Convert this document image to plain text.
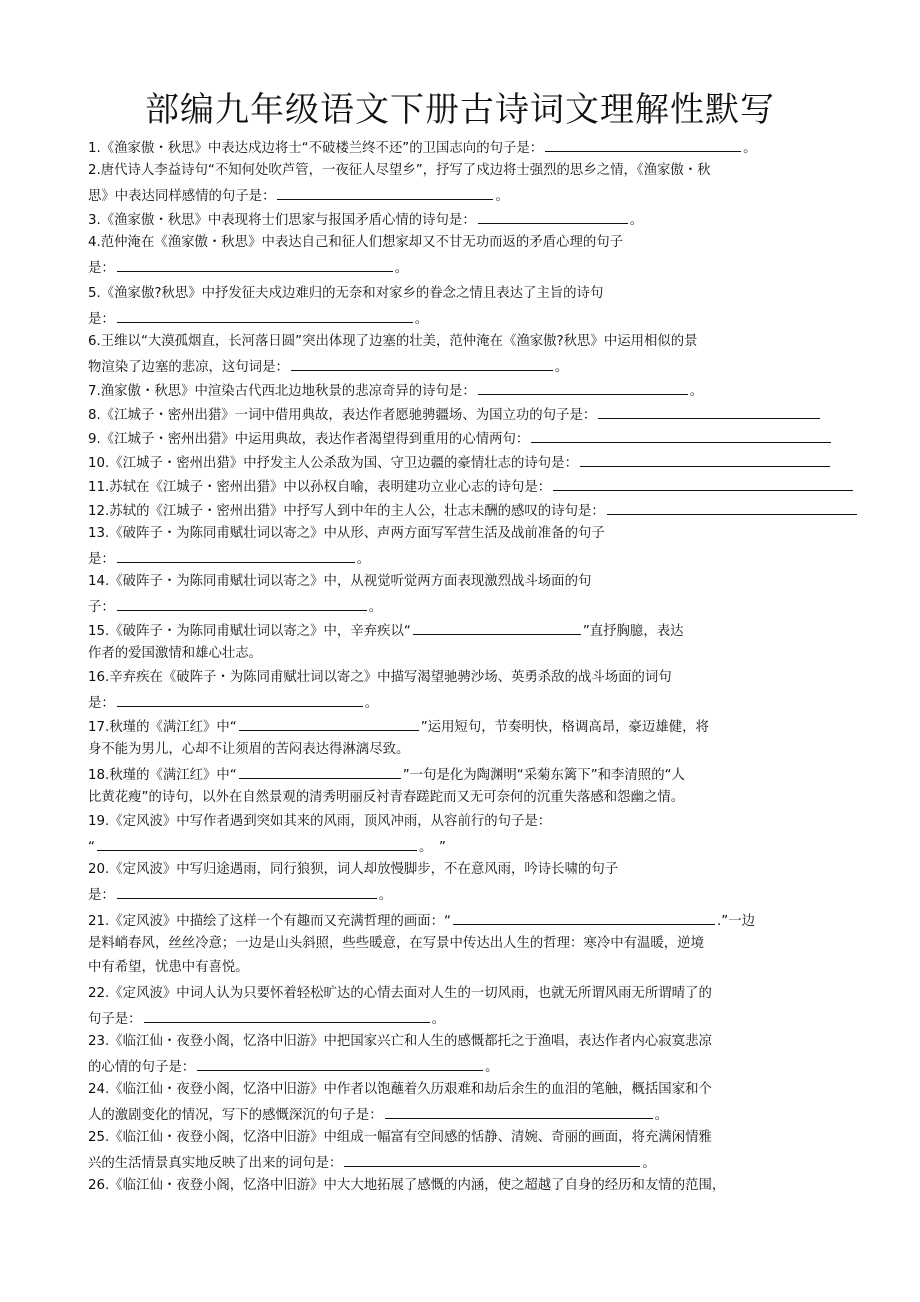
部编九年级语文下册古诗词文理解性默写
1.《渔家傲・秋思》中表达戍边将士“不破楼兰终不还”的卫国志向的句子是：	。
2.唐代诗人李益诗句“不知何处吹芦管，一夜征人尽望乡”，抒写了戍边将士强烈的思乡之情，《渔家傲・秋
思》中表达同样感情的句子是：	。
3.《渔家傲・秋思》中表现将士们思家与报国矛盾心情的诗句是：	。
4.范仲淹在《渔家傲・秋思》中表达自己和征人们想家却又不甘无功而返的矛盾心理的句子
是：	。
5.《渔家傲?秋思》中抒发征夫戍边难归的无奈和对家乡的眷念之情且表达了主旨的诗句
是：	。
6.王维以“大漠孤烟直，长河落日圆”突出体现了边塞的壮美，范仲淹在《渔家傲?秋思》中运用相似的景
物渲染了边塞的悲凉，这句词是：	。
7.渔家傲・秋思》中渲染古代西北边地秋景的悲凉奇异的诗句是：	。
8.《江城子・密州出猎》一词中借用典故，表达作者愿驰骋疆场、为国立功的句子是：
9.《江城子・密州出猎》中运用典故，表达作者渴望得到重用的心情两句：
10.《江城子・密州出猎》中抒发主人公杀敌为国、守卫边疆的豪情壮志的诗句是：
11.苏轼在《江城子・密州出猎》中以孙权自喻，表明建功立业心志的诗句是：
12.苏轼的《江城子・密州出猎》中抒写人到中年的主人公，壮志未酬的感叹的诗句是：
13.《破阵子・为陈同甫赋壮词以寄之》中从形、声两方面写军营生活及战前准备的句子
是：	。
14.《破阵子・为陈同甫赋壮词以寄之》中，从视觉听觉两方面表现激烈战斗场面的句
子：	。
15.《破阵子・为陈同甫赋壮词以寄之》中，辛弃疾以“	”直抒胸臆，表达
作者的爱国激情和雄心壮志。
16.辛弃疾在《破阵子・为陈同甫赋壮词以寄之》中描写渴望驰骋沙场、英勇杀敌的战斗场面的词句
是：	。
17.秋瑾的《满江红》中“	”运用短句，节奏明快，格调高昂，豪迈雄健，将
身不能为男儿，心却不让须眉的苦闷表达得淋漓尽致。
18.秋瑾的《满江红》中“	”一句是化为陶渊明“采菊东篱下”和李清照的“人
比黄花瘦”的诗句，以外在自然景观的清秀明丽反衬青春蹉跎而又无可奈何的沉重失落感和怨幽之情。
19.《定风波》中写作者遇到突如其来的风雨，顶风冲雨，从容前行的句子是：
“	。　”
20.《定风波》中写归途遇雨，同行狼狈，词人却放慢脚步，不在意风雨，吟诗长啸的句子
是：	。
21.《定风波》中描绘了这样一个有趣而又充满哲理的画面：“	.”一边
是料峭春风，丝丝冷意；一边是山头斜照，些些暖意，在写景中传达出人生的哲理：寒冷中有温暖，逆境
中有希望，忧患中有喜悦。
22.《定风波》中词人认为只要怀着轻松旷达的心情去面对人生的一切风雨，也就无所谓风雨无所谓晴了的
句子是：	。
23.《临江仙・夜登小阁，忆洛中旧游》中把国家兴亡和人生的感慨都托之于渔唱，表达作者内心寂寞悲凉
的心情的句子是：	。
24.《临江仙・夜登小阁，忆洛中旧游》中作者以饱蘸着久历艰难和劫后余生的血泪的笔触，概括国家和个
人的激剧变化的情况，写下的感慨深沉的句子是：	。
25.《临江仙・夜登小阁，忆洛中旧游》中组成一幅富有空间感的恬静、清婉、奇丽的画面，将充满闲情雅
兴的生活情景真实地反映了出来的词句是：	。
26.《临江仙・夜登小阁，忆洛中旧游》中大大地拓展了感慨的内涵，使之超越了自身的经历和友情的范围，
